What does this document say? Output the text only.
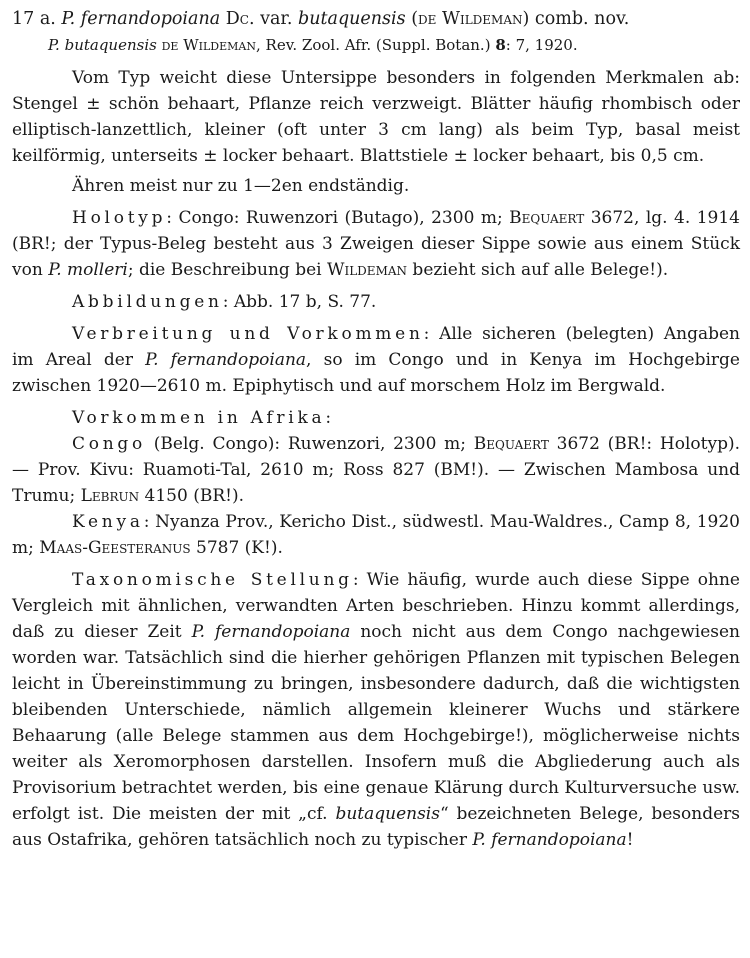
17 a. P. fernandopoiana Dc. var. butaquensis (de Wildeman) comb. nov.

P. butaquensis de Wildeman, Rev. Zool. Afr. (Suppl. Botan.) 8: 7, 1920.

Vom Typ weicht diese Untersippe besonders in folgenden Merkmalen ab: Stengel ± schön behaart, Pflanze reich verzweigt. Blätter häufig rhombisch oder elliptisch-lanzettlich, kleiner (oft unter 3 cm lang) als beim Typ, basal meist keilförmig, unterseits ± locker behaart. Blattstiele ± locker behaart, bis 0,5 cm.

Ähren meist nur zu 1—2en endständig.

Holotyp: Congo: Ruwenzori (Butago), 2300 m; Bequaert 3672, lg. 4. 1914 (BR!; der Typus-Beleg besteht aus 3 Zweigen dieser Sippe sowie aus einem Stück von P. molleri; die Beschreibung bei Wildeman bezieht sich auf alle Belege!).

Abbildungen: Abb. 17 b, S. 77.

Verbreitung und Vorkommen: Alle sicheren (belegten) Angaben im Areal der P. fernandopoiana, so im Congo und in Kenya im Hochgebirge zwischen 1920—2610 m. Epiphytisch und auf morschem Holz im Bergwald.

Vorkommen in Afrika:

Congo (Belg. Congo): Ruwenzori, 2300 m; Bequaert 3672 (BR!: Holotyp). — Prov. Kivu: Ruamoti-Tal, 2610 m; Ross 827 (BM!). — Zwischen Mambosa und Trumu; Lebrun 4150 (BR!).

Kenya: Nyanza Prov., Kericho Dist., südwestl. Mau-Waldres., Camp 8, 1920 m; Maas-Geesteranus 5787 (K!).

Taxonomische Stellung: Wie häufig, wurde auch diese Sippe ohne Vergleich mit ähnlichen, verwandten Arten beschrieben. Hinzu kommt allerdings, daß zu dieser Zeit P. fernandopoiana noch nicht aus dem Congo nachgewiesen worden war. Tatsächlich sind die hierher gehörigen Pflanzen mit typischen Belegen leicht in Übereinstimmung zu bringen, insbesondere dadurch, daß die wichtigsten bleibenden Unterschiede, nämlich allgemein kleinerer Wuchs und stärkere Behaarung (alle Belege stammen aus dem Hochgebirge!), möglicherweise nichts weiter als Xeromorphosen darstellen. Insofern muß die Abgliederung auch als Provisorium betrachtet werden, bis eine genaue Klärung durch Kulturversuche usw. erfolgt ist. Die meisten der mit „cf. butaquensis“ bezeichneten Belege, besonders aus Ostafrika, gehören tatsächlich noch zu typischer P. fernandopoiana!
